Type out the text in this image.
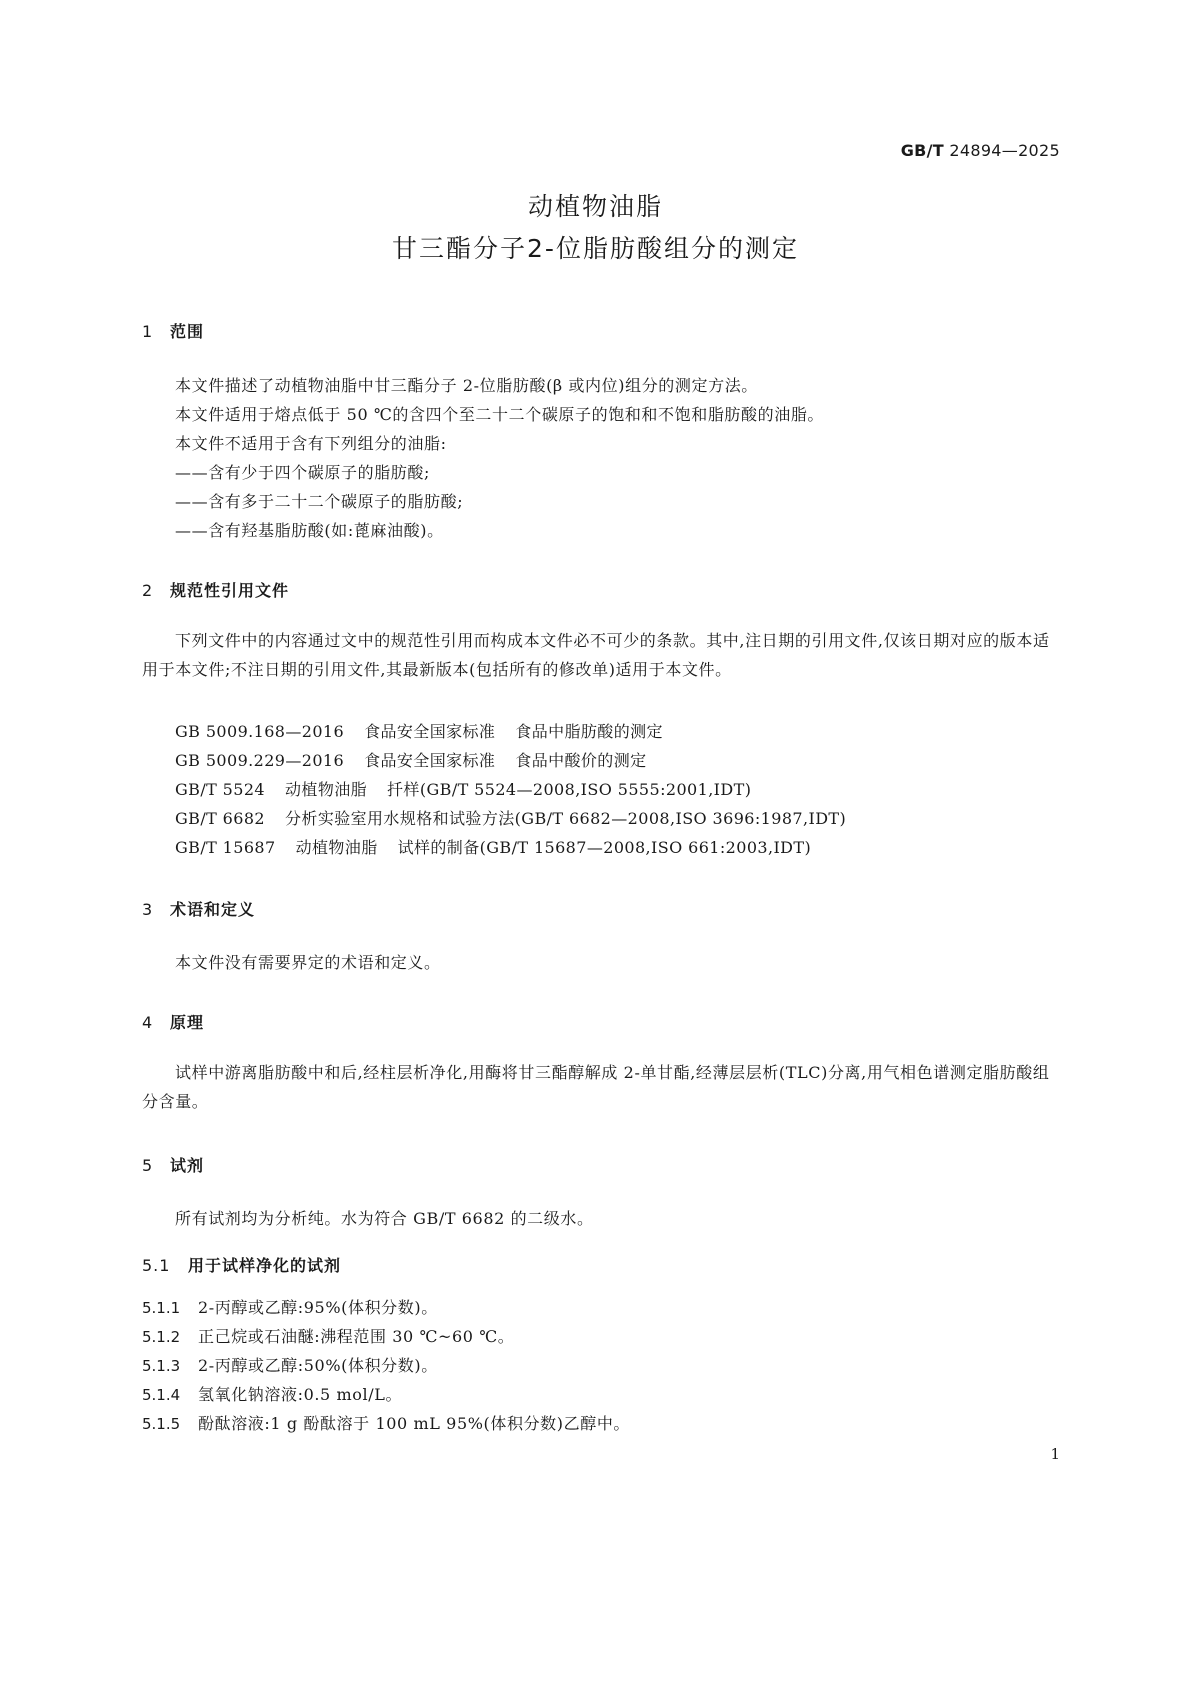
GB/T 24894—2025
动植物油脂
甘三酯分子2-位脂肪酸组分的测定
1 范围
本文件描述了动植物油脂中甘三酯分子 2-位脂肪酸(β 或内位)组分的测定方法。
本文件适用于熔点低于 50 ℃的含四个至二十二个碳原子的饱和和不饱和脂肪酸的油脂。
本文件不适用于含有下列组分的油脂:
——含有少于四个碳原子的脂肪酸;
——含有多于二十二个碳原子的脂肪酸;
——含有羟基脂肪酸(如:蓖麻油酸)。
2 规范性引用文件

下列文件中的内容通过文中的规范性引用而构成本文件必不可少的条款。其中,注日期的引用文件,仅该日期对应的版本适用于本文件;不注日期的引用文件,其最新版本(包括所有的修改单)适用于本文件。

GB 5009.168—2016 食品安全国家标准 食品中脂肪酸的测定
GB 5009.229—2016 食品安全国家标准 食品中酸价的测定
GB/T 5524 动植物油脂 扦样(GB/T 5524—2008,ISO 5555:2001,IDT)
GB/T 6682 分析实验室用水规格和试验方法(GB/T 6682—2008,ISO 3696:1987,IDT)
GB/T 15687 动植物油脂 试样的制备(GB/T 15687—2008,ISO 661:2003,IDT)
3 术语和定义
本文件没有需要界定的术语和定义。
4 原理

试样中游离脂肪酸中和后,经柱层析净化,用酶将甘三酯醇解成 2-单甘酯,经薄层层析(TLC)分离,用气相色谱测定脂肪酸组分含量。

5 试剂
所有试剂均为分析纯。水为符合 GB/T 6682 的二级水。
5.1 用于试样净化的试剂
5.1.1 2-丙醇或乙醇:95%(体积分数)。
5.1.2 正己烷或石油醚:沸程范围 30 ℃~60 ℃。
5.1.3 2-丙醇或乙醇:50%(体积分数)。
5.1.4 氢氧化钠溶液:0.5 mol/L。
5.1.5 酚酞溶液:1 g 酚酞溶于 100 mL 95%(体积分数)乙醇中。
1
